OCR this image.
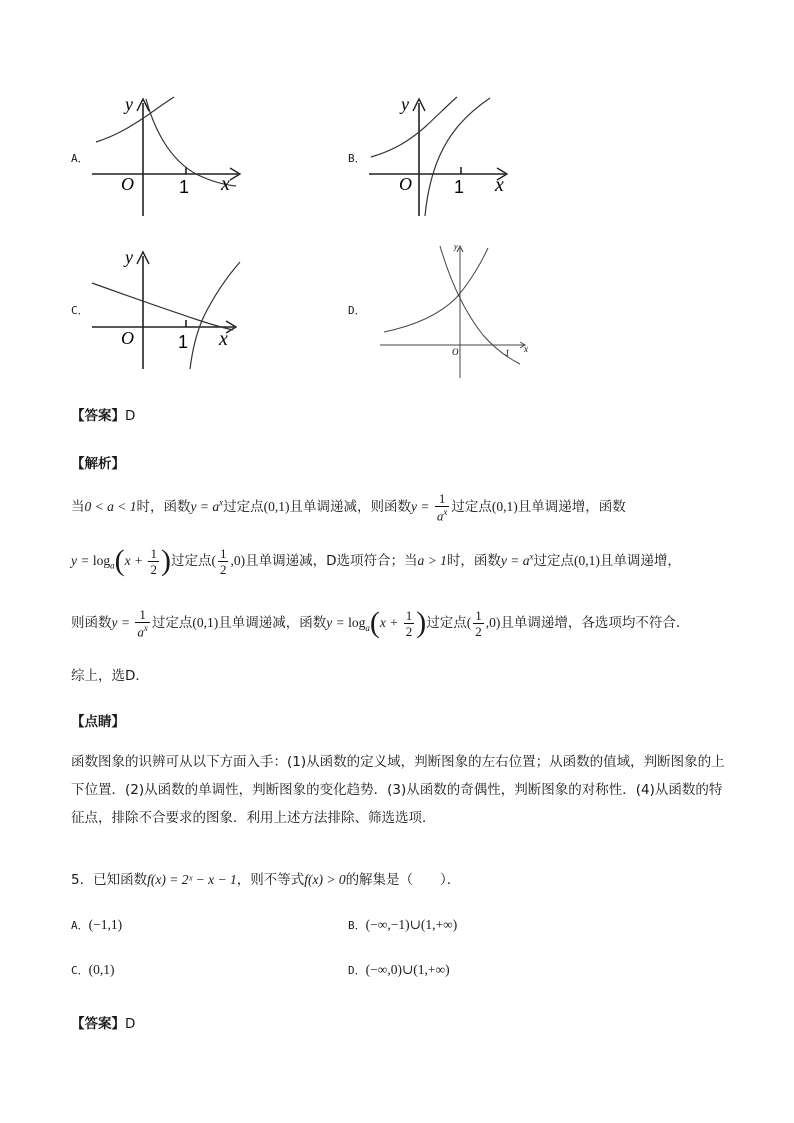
A．
y
x
O	1
B．
y
x
O 1
C．
y
x
O 1
D．
y
x
O	1
【答案】D
【解析】
当0 < a < 1时，函数$y = a^x$过定点(0,1)且单调递减，则函数$y = \frac{1}{a^x}$ 过定点(0,1)且单调递增，函数
$y = \log_a(x + \frac{1}{2}$ )过定点( $\frac{1}{2} ,0$)且单调递减，D选项符合；当a > 1时，函数$y = a^x$过定点(0,1)且单调递增，
则函数$y = \frac{1}{a^x}$ 过定点(0,1)且单调递减，函数$y = \log_a(x + \frac{1}{2}$ )过定点( $\frac{1}{2} ,0$)且单调递增，各选项均不符合．
综上，选D．
【点睛】
函数图象的识辨可从以下方面入手：(1)从函数的定义域，判断图象的左右位置；从函数的值域，判断图象的上下位置．(2)从函数的单调性，判断图象的变化趋势．(3)从函数的奇偶性，判断图象的对称性．(4)从函数的特征点，排除不合要求的图象．利用上述方法排除、筛选选项．
5．已知函数f(x) = 2ˣ − x − 1，则不等式f(x) > 0的解集是（　　）．
A．(−1,1)	B．(−∞,−1)∪(1,+∞)
C．(0,1)	D．(−∞,0)∪(1,+∞)
【答案】D
